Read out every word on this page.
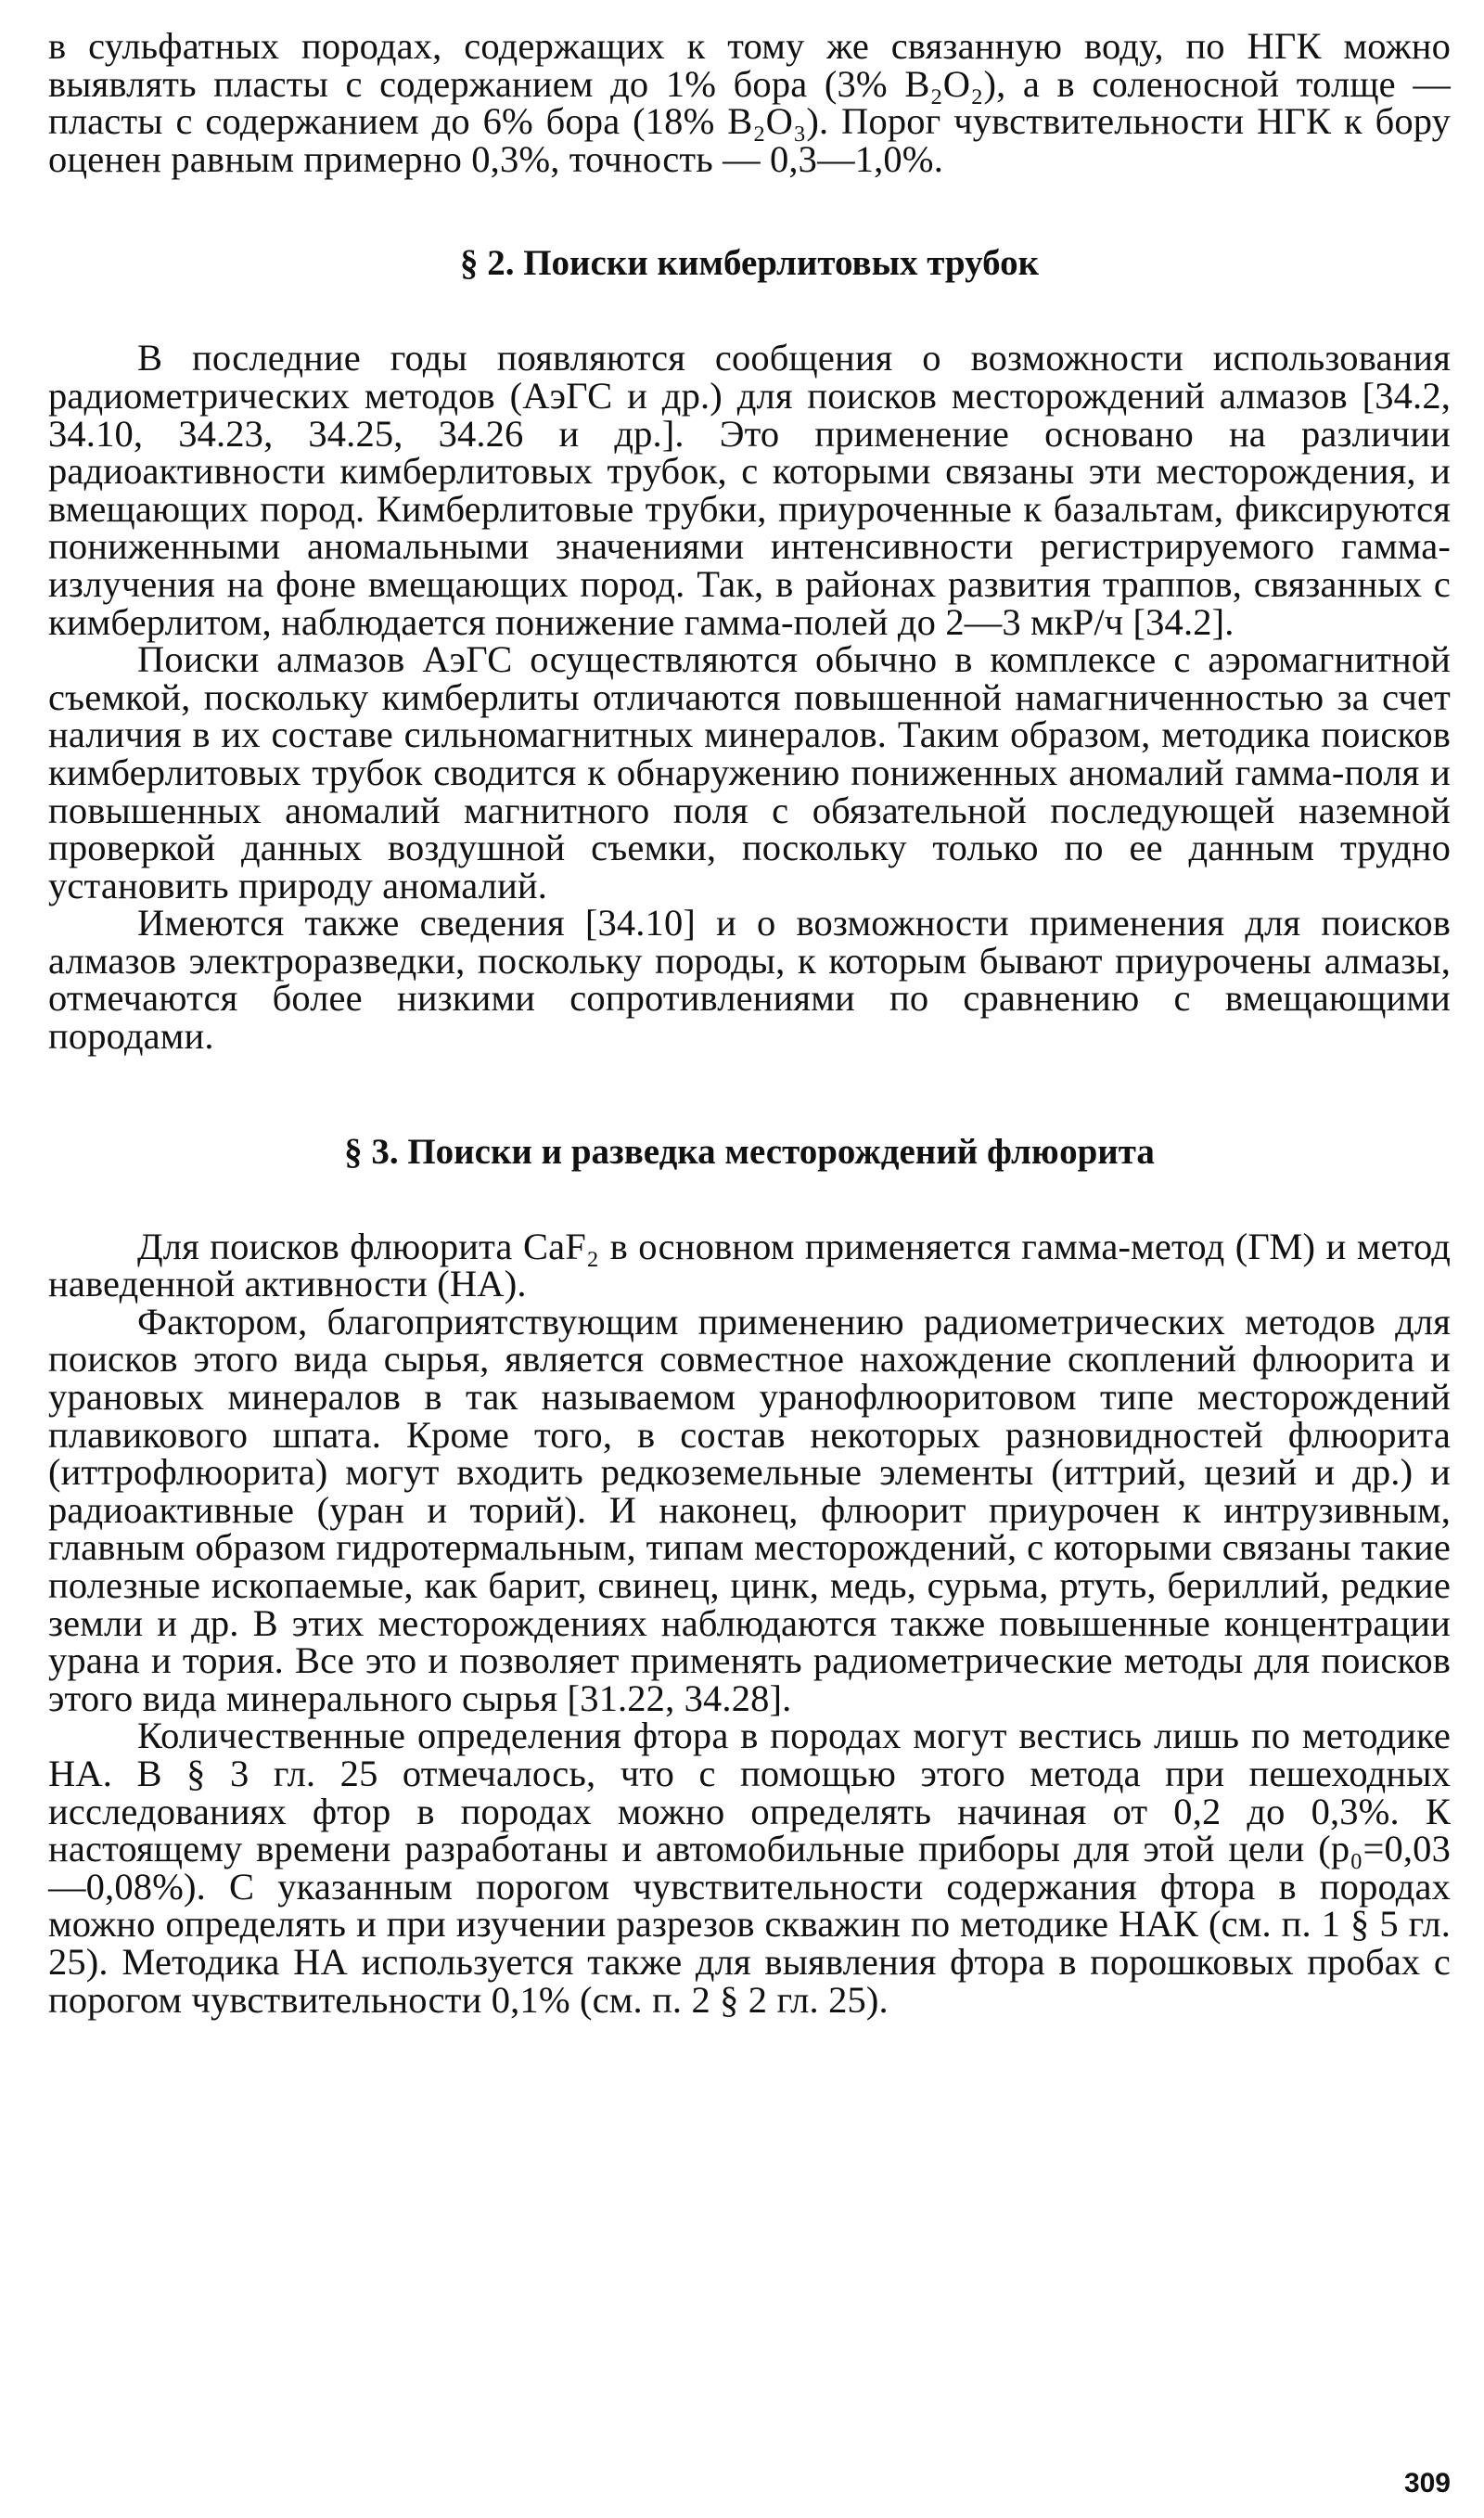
в сульфатных породах, содержащих к тому же связанную воду, по НГК можно выявлять пласты с содержанием до 1% бора (3% B₂O₂), а в соленосной толще — пласты с содержанием до 6% бора (18% B₂O₃). Порог чувствительности НГК к бору оценен равным примерно 0,3%, точность — 0,3—1,0%.

§ 2. Поиски кимберлитовых трубок

В последние годы появляются сообщения о возможности использования радиометрических методов (АэГС и др.) для поисков месторождений алмазов [34.2, 34.10, 34.23, 34.25, 34.26 и др.]. Это применение основано на различии радиоактивности кимберлитовых трубок, с которыми связаны эти месторождения, и вмещающих пород. Кимберлитовые трубки, приуроченные к базальтам, фиксируются пониженными аномальными значениями интенсивности регистрируемого гамма-излучения на фоне вмещающих пород. Так, в районах развития траппов, связанных с кимберлитом, наблюдается понижение гамма-полей до 2—3 мкР/ч [34.2].

Поиски алмазов АэГС осуществляются обычно в комплексе с аэромагнитной съемкой, поскольку кимберлиты отличаются повышенной намагниченностью за счет наличия в их составе сильномагнитных минералов. Таким образом, методика поисков кимберлитовых трубок сводится к обнаружению пониженных аномалий гамма-поля и повышенных аномалий магнитного поля с обязательной последующей наземной проверкой данных воздушной съемки, поскольку только по ее данным трудно установить природу аномалий.

Имеются также сведения [34.10] и о возможности применения для поисков алмазов электроразведки, поскольку породы, к которым бывают приурочены алмазы, отмечаются более низкими сопротивлениями по сравнению с вмещающими породами.

§ 3. Поиски и разведка месторождений флюорита

Для поисков флюорита CaF₂ в основном применяется гамма-метод (ГМ) и метод наведенной активности (НА).

Фактором, благоприятствующим применению радиометрических методов для поисков этого вида сырья, является совместное нахождение скоплений флюорита и урановых минералов в так называемом уранофлюоритовом типе месторождений плавикового шпата. Кроме того, в состав некоторых разновидностей флюорита (иттрофлюорита) могут входить редкоземельные элементы (иттрий, цезий и др.) и радиоактивные (уран и торий). И наконец, флюорит приурочен к интрузивным, главным образом гидротермальным, типам месторождений, с которыми связаны такие полезные ископаемые, как барит, свинец, цинк, медь, сурьма, ртуть, бериллий, редкие земли и др. В этих месторождениях наблюдаются также повышенные концентрации урана и тория. Все это и позволяет применять радиометрические методы для поисков этого вида минерального сырья [31.22, 34.28].

Количественные определения фтора в породах могут вестись лишь по методике НА. В § 3 гл. 25 отмечалось, что с помощью этого метода при пешеходных исследованиях фтор в породах можно определять начиная от 0,2 до 0,3%. К настоящему времени разработаны и автомобильные приборы для этой цели (p₀=0,03—0,08%). С указанным порогом чувствительности содержания фтора в породах можно определять и при изучении разрезов скважин по методике НАК (см. п. 1 § 5 гл. 25). Методика НА используется также для выявления фтора в порошковых пробах с порогом чувствительности 0,1% (см. п. 2 § 2 гл. 25).

309
